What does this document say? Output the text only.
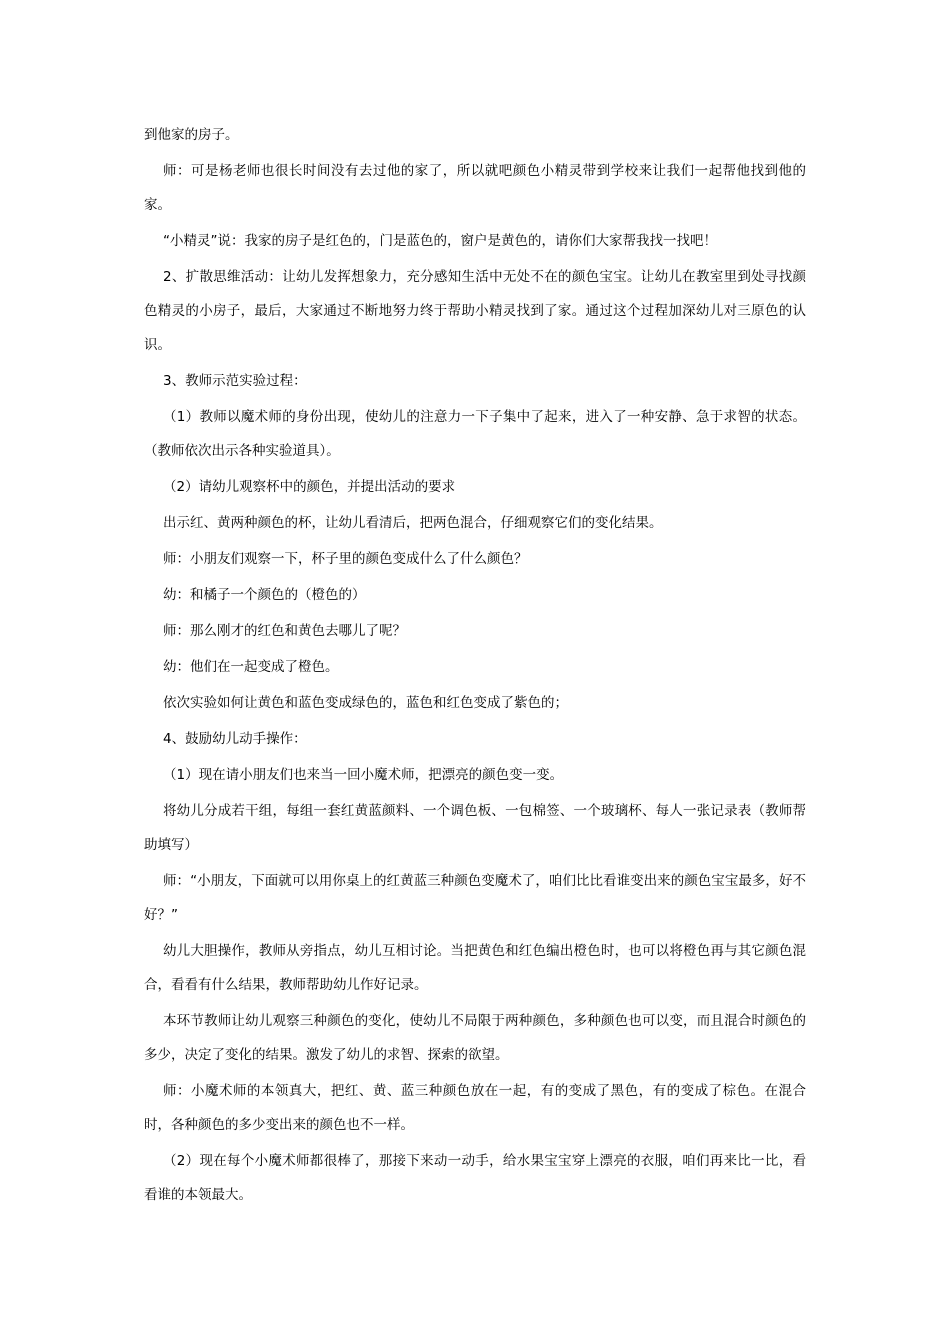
到他家的房子。

师：可是杨老师也很长时间没有去过他的家了，所以就吧颜色小精灵带到学校来让我们一起帮他找到他的家。

“小精灵”说：我家的房子是红色的，门是蓝色的，窗户是黄色的，请你们大家帮我找一找吧！

2、扩散思维活动：让幼儿发挥想象力，充分感知生活中无处不在的颜色宝宝。让幼儿在教室里到处寻找颜色精灵的小房子，最后，大家通过不断地努力终于帮助小精灵找到了家。通过这个过程加深幼儿对三原色的认识。

3、教师示范实验过程：

（1）教师以魔术师的身份出现，使幼儿的注意力一下子集中了起来，进入了一种安静、急于求智的状态。（教师依次出示各种实验道具）。

（2）请幼儿观察杯中的颜色，并提出活动的要求

出示红、黄两种颜色的杯，让幼儿看清后，把两色混合，仔细观察它们的变化结果。

师：小朋友们观察一下，杯子里的颜色变成什么了什么颜色？

幼：和橘子一个颜色的（橙色的）

师：那么刚才的红色和黄色去哪儿了呢？

幼：他们在一起变成了橙色。

依次实验如何让黄色和蓝色变成绿色的，蓝色和红色变成了紫色的；

4、鼓励幼儿动手操作：

（1）现在请小朋友们也来当一回小魔术师，把漂亮的颜色变一变。

将幼儿分成若干组，每组一套红黄蓝颜料、一个调色板、一包棉签、一个玻璃杯、每人一张记录表（教师帮助填写）

师：“小朋友，下面就可以用你桌上的红黄蓝三种颜色变魔术了，咱们比比看谁变出来的颜色宝宝最多，好不好？”

幼儿大胆操作，教师从旁指点，幼儿互相讨论。当把黄色和红色编出橙色时，也可以将橙色再与其它颜色混合，看看有什么结果，教师帮助幼儿作好记录。

本环节教师让幼儿观察三种颜色的变化，使幼儿不局限于两种颜色，多种颜色也可以变，而且混合时颜色的多少，决定了变化的结果。激发了幼儿的求智、探索的欲望。

师：小魔术师的本领真大，把红、黄、蓝三种颜色放在一起，有的变成了黑色，有的变成了棕色。在混合时，各种颜色的多少变出来的颜色也不一样。

（2）现在每个小魔术师都很棒了，那接下来动一动手，给水果宝宝穿上漂亮的衣服，咱们再来比一比，看看谁的本领最大。
